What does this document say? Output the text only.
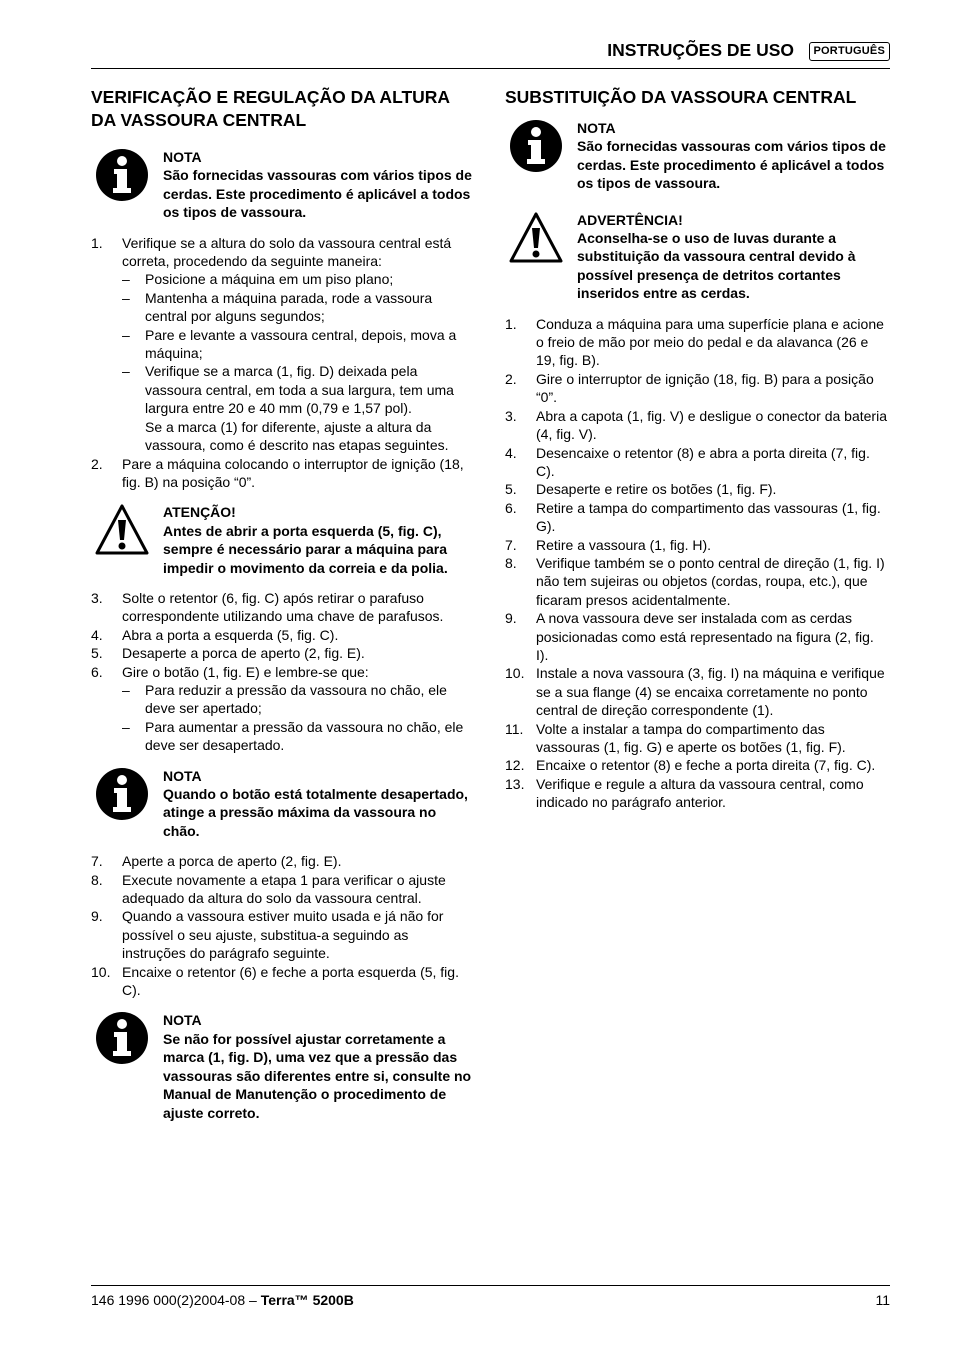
INSTRUÇÕES DE USO	PORTUGUÊS
VERIFICAÇÃO E REGULAÇÃO DA ALTURA DA VASSOURA CENTRAL
NOTA
São fornecidas vassouras com vários tipos de cerdas. Este procedimento é aplicável a todos os tipos de vassoura.
1. Verifique se a altura do solo da vassoura central está correta, procedendo da seguinte maneira:
– Posicione a máquina em um piso plano;
– Mantenha a máquina parada, rode a vassoura central por alguns segundos;
– Pare e levante a vassoura central, depois, mova a máquina;
– Verifique se a marca (1, fig. D) deixada pela vassoura central, em toda a sua largura, tem uma largura entre 20 e 40 mm (0,79 e 1,57 pol).
Se a marca (1) for diferente, ajuste a altura da vassoura, como é descrito nas etapas seguintes.
2. Pare a máquina colocando o interruptor de ignição (18, fig. B) na posição “0”.
ATENÇÃO!
Antes de abrir a porta esquerda (5, fig. C), sempre é necessário parar a máquina para impedir o movimento da correia e da polia.
3. Solte o retentor (6, fig. C) após retirar o parafuso correspondente utilizando uma chave de parafusos.
4. Abra a porta a esquerda (5, fig. C).
5. Desaperte a porca de aperto (2, fig. E).
6. Gire o botão (1, fig. E) e lembre-se que:
– Para reduzir a pressão da vassoura no chão, ele deve ser apertado;
– Para aumentar a pressão da vassoura no chão, ele deve ser desapertado.
NOTA
Quando o botão está totalmente desapertado, atinge a pressão máxima da vassoura no chão.
7. Aperte a porca de aperto (2, fig. E).
8. Execute novamente a etapa 1 para verificar o ajuste adequado da altura do solo da vassoura central.
9. Quando a vassoura estiver muito usada e já não for possível o seu ajuste, substitua-a seguindo as instruções do parágrafo seguinte.
10. Encaixe o retentor (6) e feche a porta esquerda (5, fig. C).
NOTA
Se não for possível ajustar corretamente a marca (1, fig. D), uma vez que a pressão das vassouras são diferentes entre si, consulte no Manual de Manutenção o procedimento de ajuste correto.
SUBSTITUIÇÃO DA VASSOURA CENTRAL
NOTA
São fornecidas vassouras com vários tipos de cerdas. Este procedimento é aplicável a todos os tipos de vassoura.
ADVERTÊNCIA!
Aconselha-se o uso de luvas durante a substituição da vassoura central devido à possível presença de detritos cortantes inseridos entre as cerdas.
1. Conduza a máquina para uma superfície plana e acione o freio de mão por meio do pedal e da alavanca (26 e 19, fig. B).
2. Gire o interruptor de ignição (18, fig. B) para a posição “0”.
3. Abra a capota (1, fig. V) e desligue o conector da bateria (4, fig. V).
4. Desencaixe o retentor (8) e abra a porta direita (7, fig. C).
5. Desaperte e retire os botões (1, fig. F).
6. Retire a tampa do compartimento das vassouras (1, fig. G).
7. Retire a vassoura (1, fig. H).
8. Verifique também se o ponto central de direção (1, fig. I) não tem sujeiras ou objetos (cordas, roupa, etc.), que ficaram presos acidentalmente.
9. A nova vassoura deve ser instalada com as cerdas posicionadas como está representado na figura (2, fig. I).
10. Instale a nova vassoura (3, fig. I) na máquina e verifique se a sua flange (4) se encaixa corretamente no ponto central de direção correspondente (1).
11. Volte a instalar a tampa do compartimento das vassouras (1, fig. G) e aperte os botões (1, fig. F).
12. Encaixe o retentor (8) e feche a porta direita (7, fig. C).
13. Verifique e regule a altura da vassoura central, como indicado no parágrafo anterior.
146 1996 000(2)2004-08 – Terra™ 5200B	11
